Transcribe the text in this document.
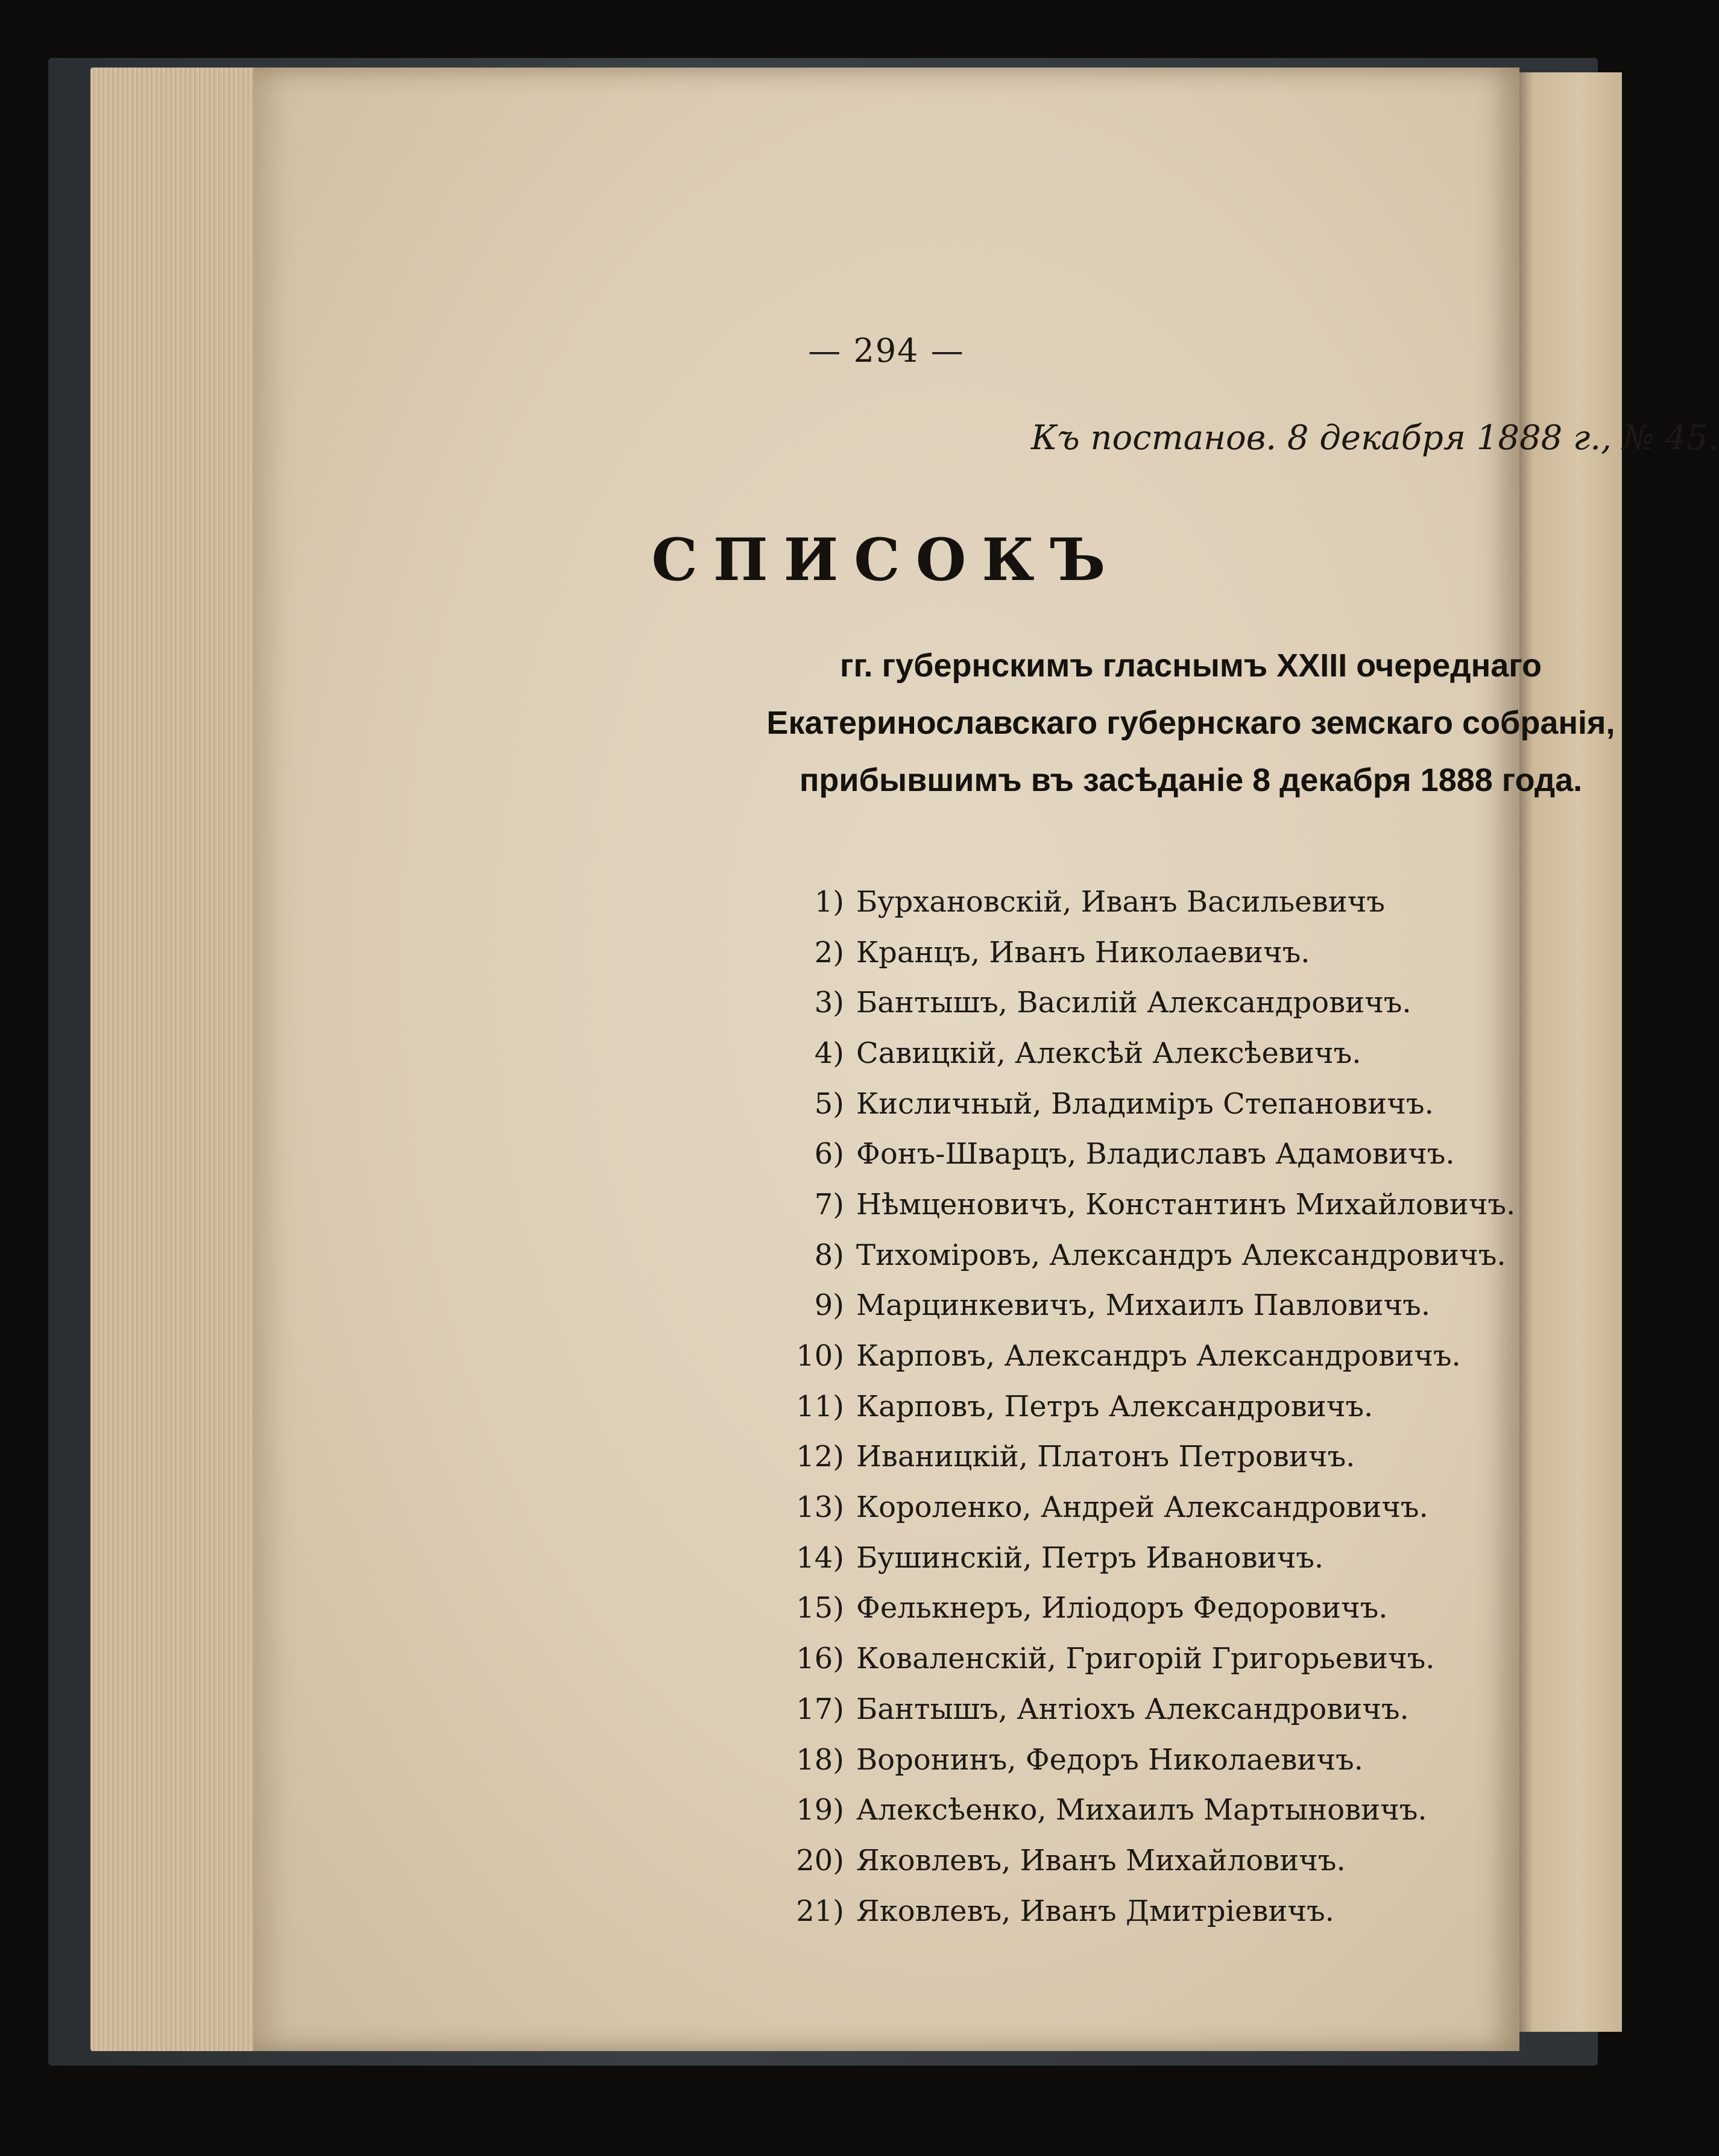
— 294 —
Къ постанов. 8 декабря 1888 г., № 45.
СПИСОКЪ
гг. губернскимъ гласнымъ XXIII очереднаго Екатеринославскаго губернскаго земскаго собранія, прибывшимъ въ засѣданіе 8 декабря 1888 года.
1) Бурхановскій, Иванъ Васильевичъ
2) Кранцъ, Иванъ Николаевичъ.
3) Бантышъ, Василій Александровичъ.
4) Савицкій, Алексѣй Алексѣевичъ.
5) Кисличный, Владиміръ Степановичъ.
6) Фонъ-Шварцъ, Владиславъ Адамовичъ.
7) Нѣмценовичъ, Константинъ Михайловичъ.
8) Тихоміровъ, Александръ Александровичъ.
9) Марцинкевичъ, Михаилъ Павловичъ.
10) Карповъ, Александръ Александровичъ.
11) Карповъ, Петръ Александровичъ.
12) Иваницкій, Платонъ Петровичъ.
13) Короленко, Андрей Александровичъ.
14) Бушинскій, Петръ Ивановичъ.
15) Фелькнеръ, Иліодоръ Федоровичъ.
16) Коваленскій, Григорій Григорьевичъ.
17) Бантышъ, Антіохъ Александровичъ.
18) Воронинъ, Федоръ Николаевичъ.
19) Алексѣенко, Михаилъ Мартыновичъ.
20) Яковлевъ, Иванъ Михайловичъ.
21) Яковлевъ, Иванъ Дмитріевичъ.
